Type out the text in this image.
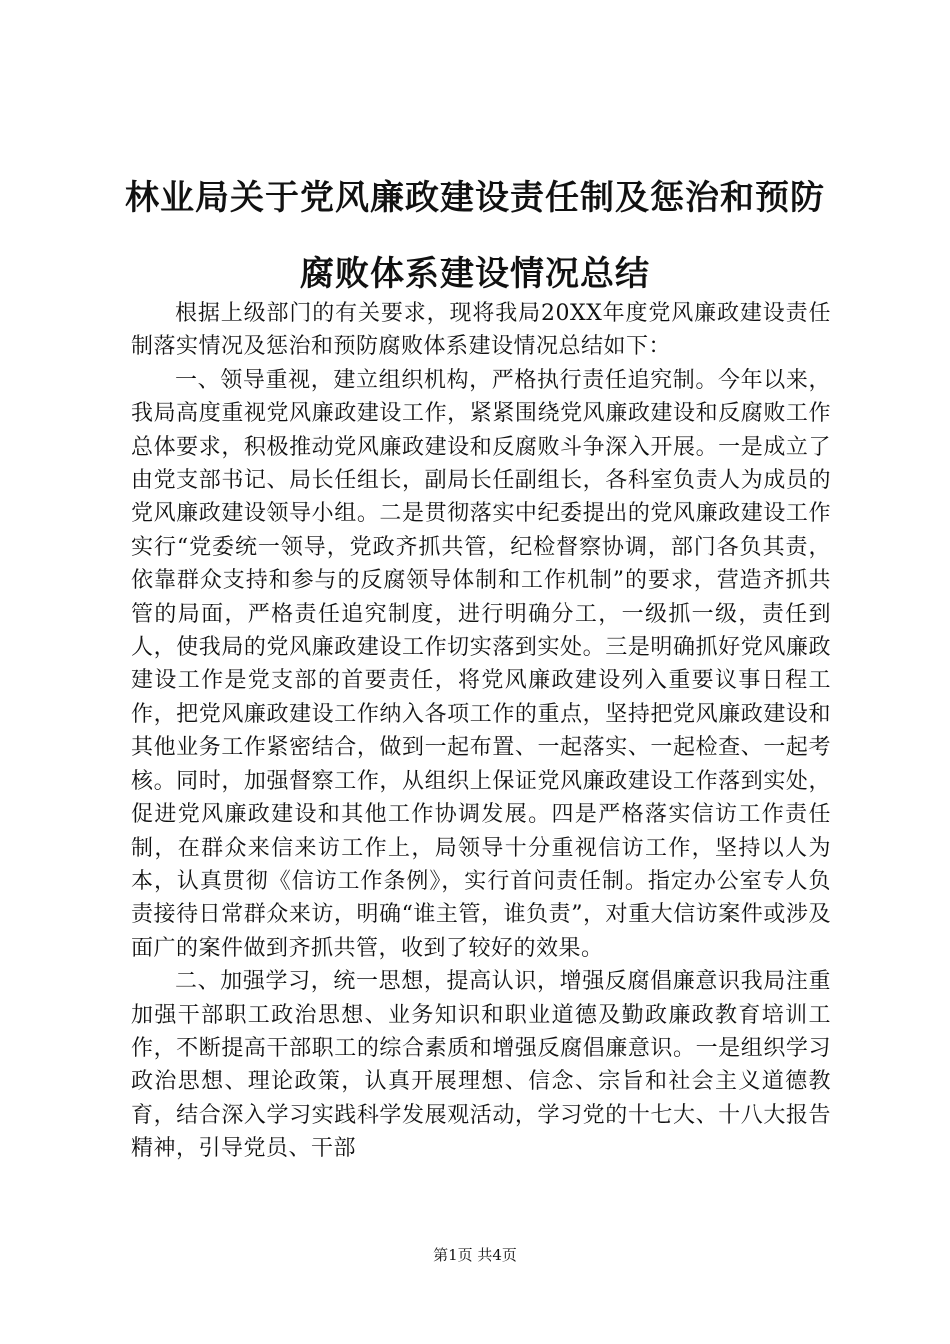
林业局关于党风廉政建设责任制及惩治和预防
腐败体系建设情况总结

根据上级部门的有关要求，现将我局20XX年度党风廉政建设责任制落实情况及惩治和预防腐败体系建设情况总结如下：

一、领导重视，建立组织机构，严格执行责任追究制。今年以来，我局高度重视党风廉政建设工作，紧紧围绕党风廉政建设和反腐败工作总体要求，积极推动党风廉政建设和反腐败斗争深入开展。一是成立了由党支部书记、局长任组长，副局长任副组长，各科室负责人为成员的党风廉政建设领导小组。二是贯彻落实中纪委提出的党风廉政建设工作实行“党委统一领导，党政齐抓共管，纪检督察协调，部门各负其责，依靠群众支持和参与的反腐领导体制和工作机制”的要求，营造齐抓共管的局面，严格责任追究制度，进行明确分工，一级抓一级，责任到人，使我局的党风廉政建设工作切实落到实处。三是明确抓好党风廉政建设工作是党支部的首要责任，将党风廉政建设列入重要议事日程工作，把党风廉政建设工作纳入各项工作的重点，坚持把党风廉政建设和其他业务工作紧密结合，做到一起布置、一起落实、一起检查、一起考核。同时，加强督察工作，从组织上保证党风廉政建设工作落到实处，促进党风廉政建设和其他工作协调发展。四是严格落实信访工作责任制，在群众来信来访工作上，局领导十分重视信访工作，坚持以人为本，认真贯彻《信访工作条例》，实行首问责任制。指定办公室专人负责接待日常群众来访，明确“谁主管，谁负责”，对重大信访案件或涉及面广的案件做到齐抓共管，收到了较好的效果。

二、加强学习，统一思想，提高认识，增强反腐倡廉意识我局注重加强干部职工政治思想、业务知识和职业道德及勤政廉政教育培训工作，不断提高干部职工的综合素质和增强反腐倡廉意识。一是组织学习政治思想、理论政策，认真开展理想、信念、宗旨和社会主义道德教育，结合深入学习实践科学发展观活动，学习党的十七大、十八大报告精神，引导党员、干部

第1页 共4页
